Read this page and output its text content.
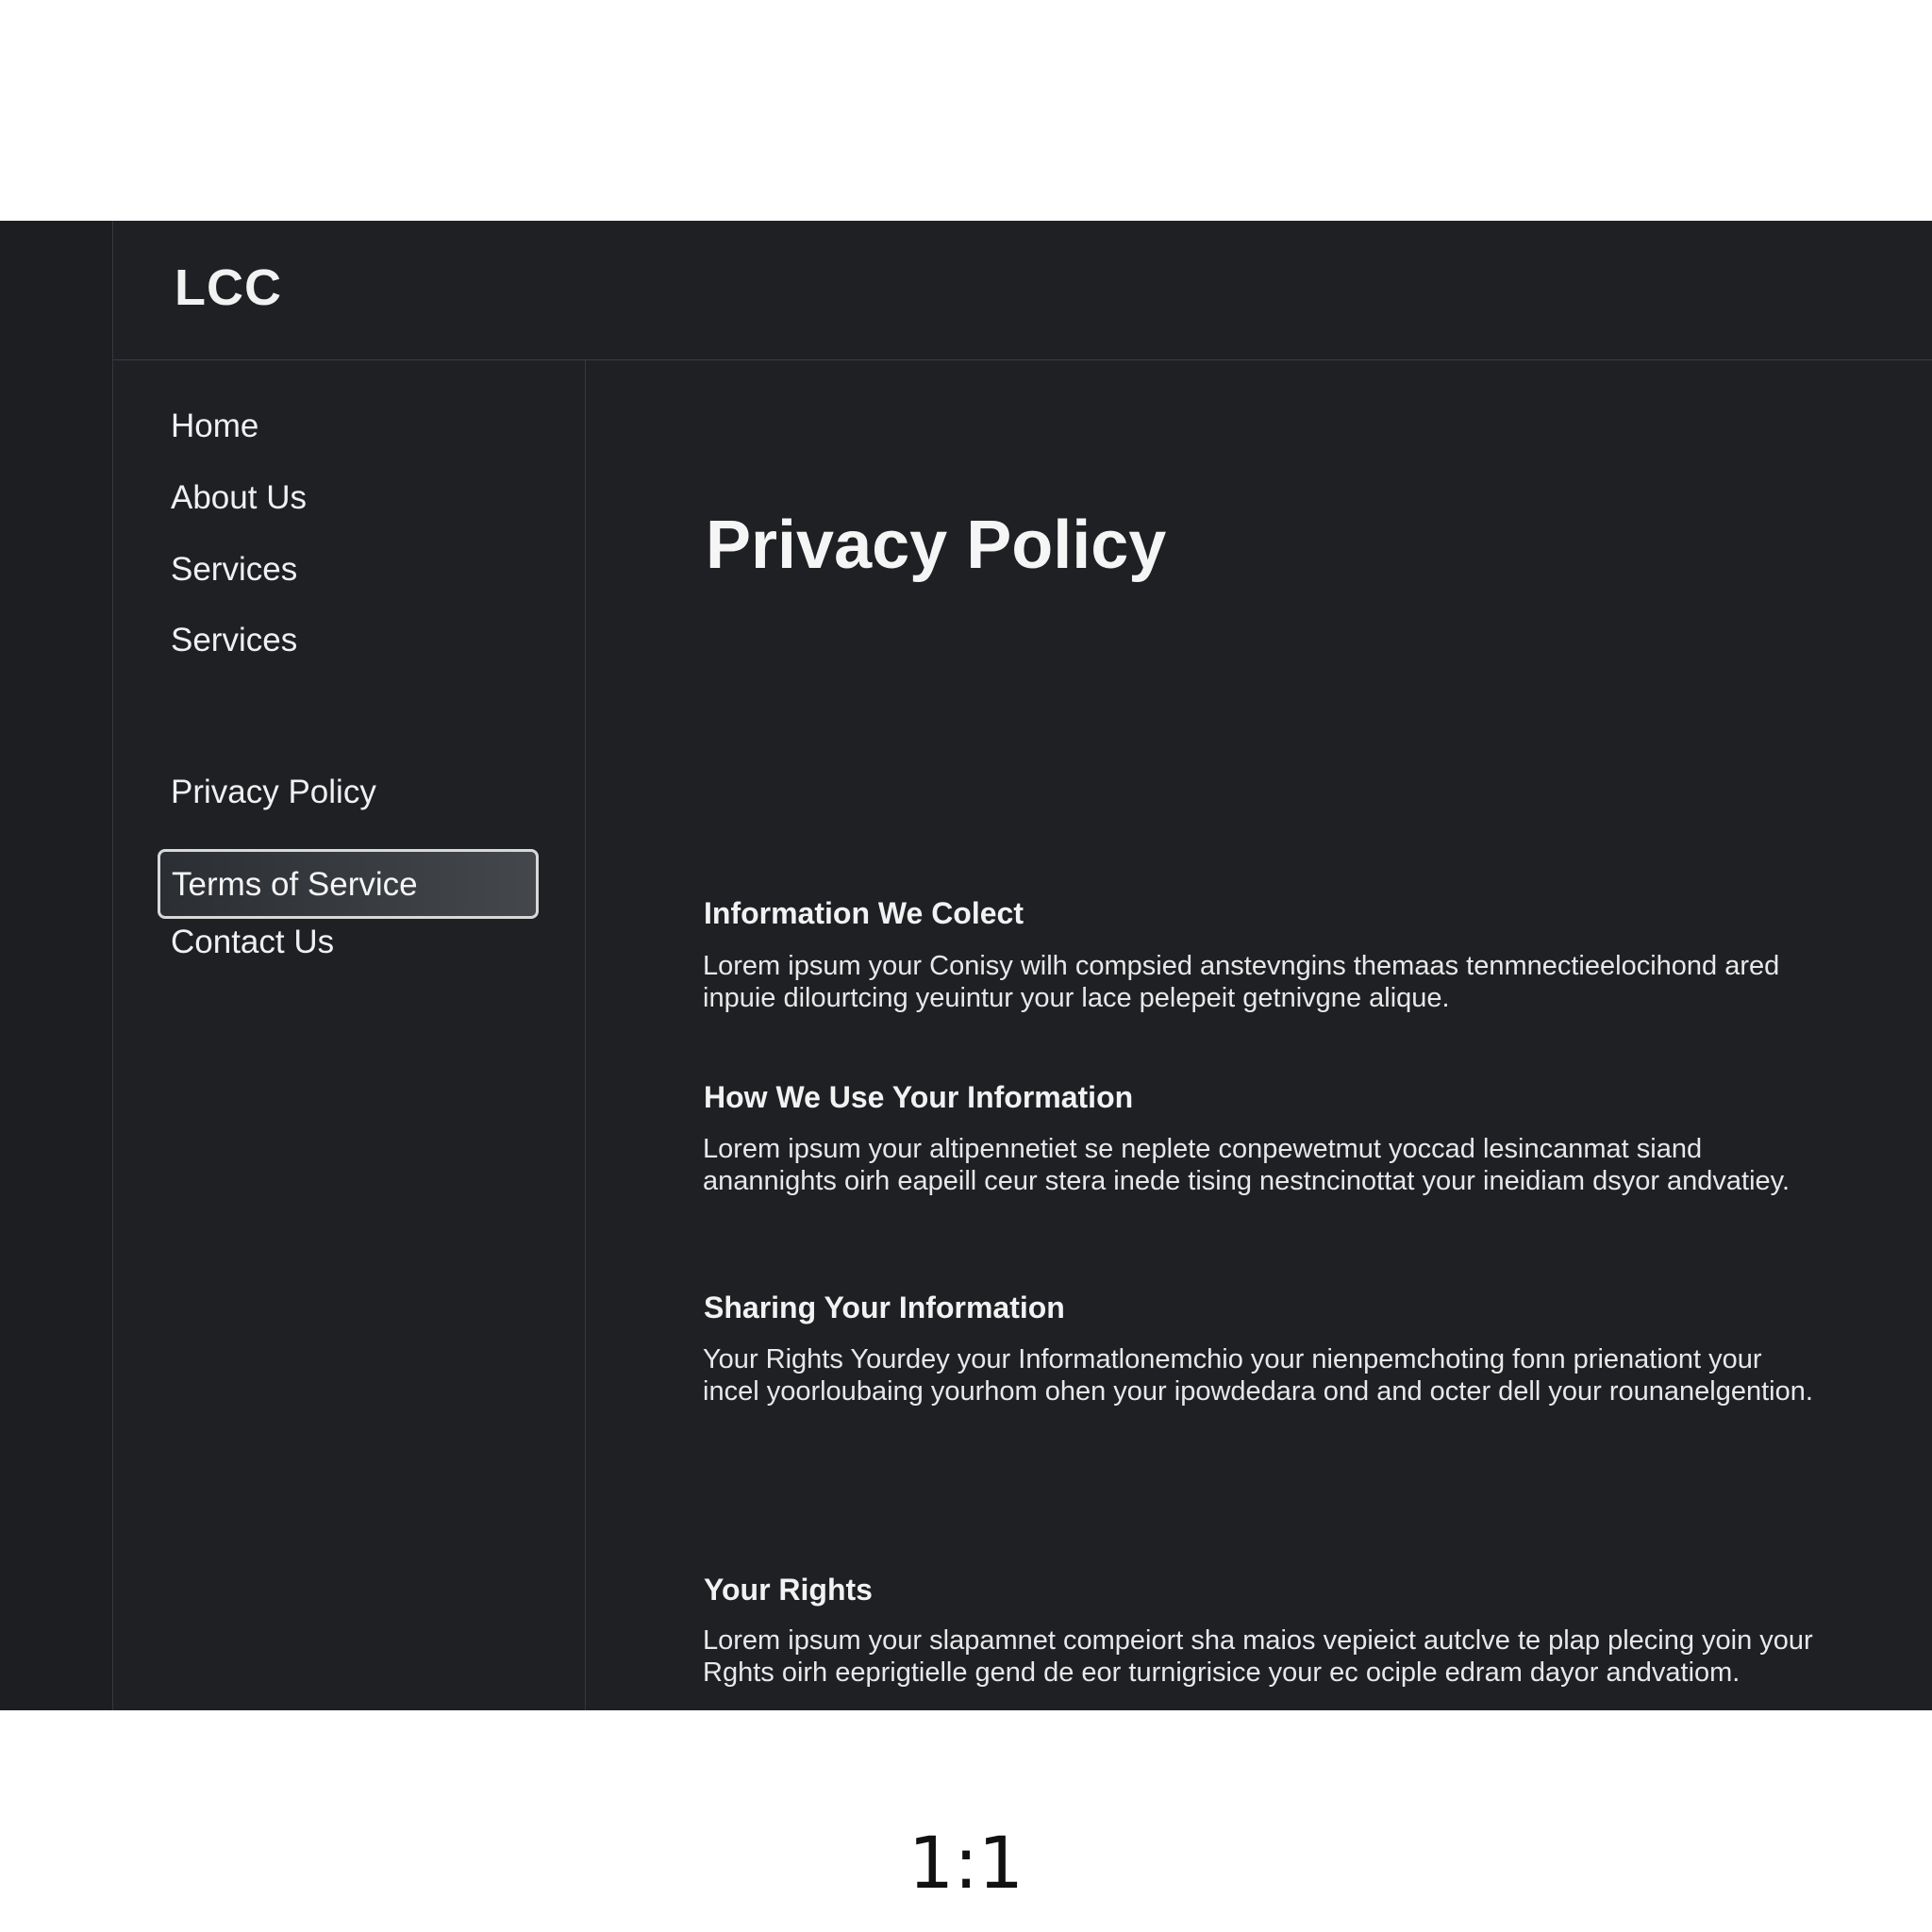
LCC
Home
About Us
Services
Services
Privacy Policy
Terms of Service
Contact Us
Privacy Policy
Information We Colect
Lorem ipsum your Conisy wilh compsied anstevngins themaas tenmnectieelocihond ared inpuie dilourtcing yeuintur your lace pelepeit getnivgne alique.
How We Use Your Information
Lorem ipsum your altipennetiet se neplete conpewetmut yoccad lesincanmat siand anannights oirh eapeill ceur stera inede tising nestncinottat your ineidiam dsyor andvatiey.
Sharing Your Information
Your Rights Yourdey your Informatlonemchio your nienpemchoting fonn prienationt your incel yoorloubaing yourhom ohen your ipowdedara ond and octer dell your rounanelgention.
Your Rights
Lorem ipsum your slapamnet compeiort sha maios vepieict autclve te plap plecing yoin your Rghts oirh eeprigtielle gend de eor turnigrisice your ec ociple edram dayor andvatiom.
1:1
